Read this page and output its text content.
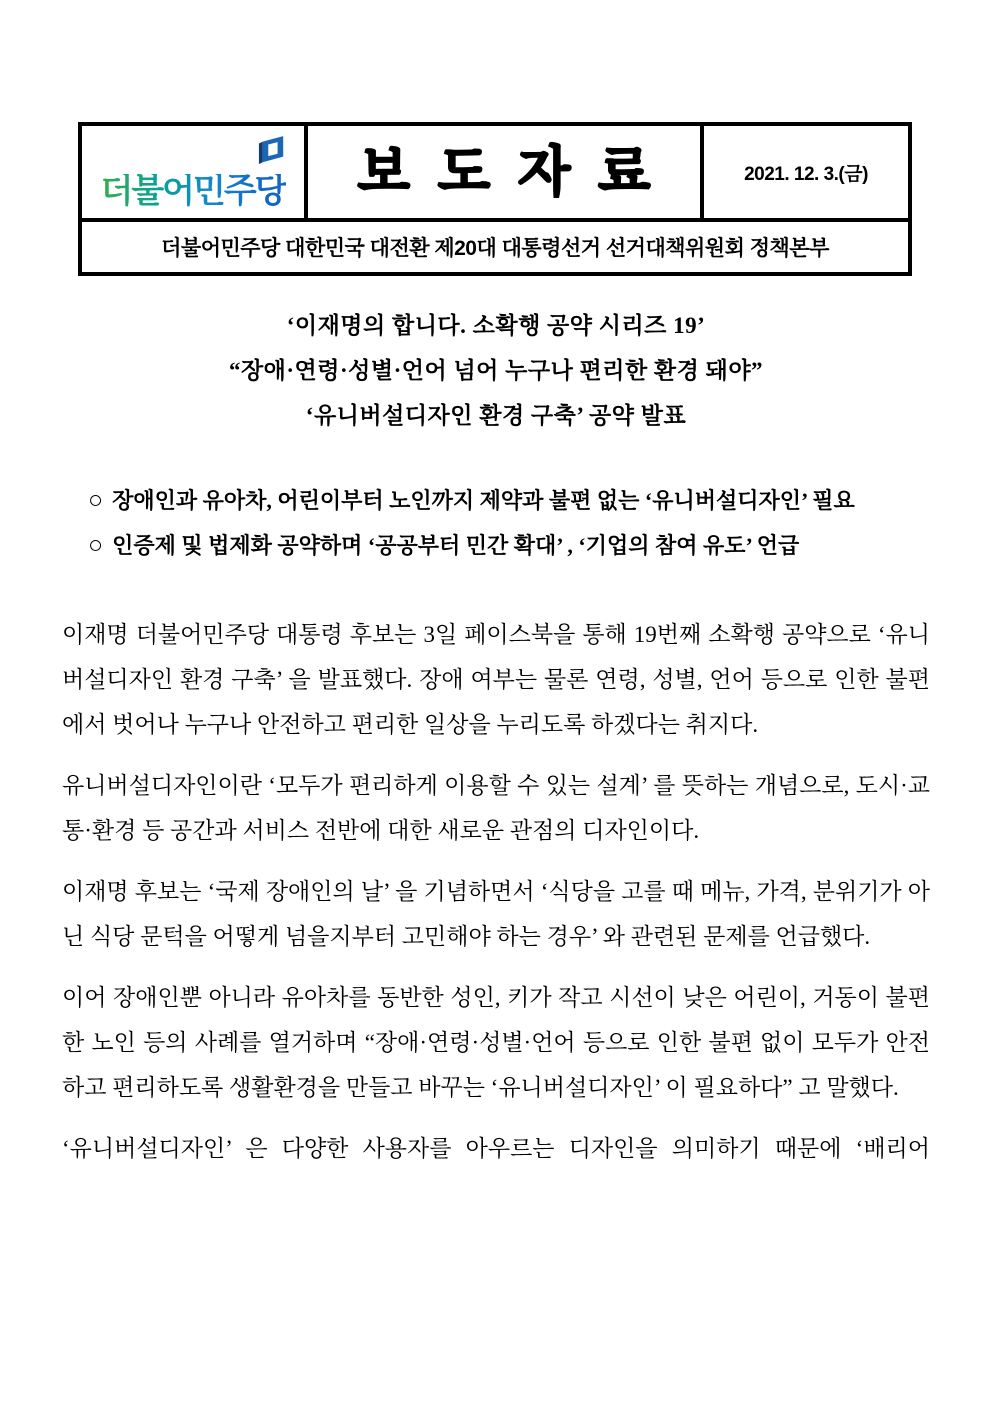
더불어민주당 보도자료	2021. 12. 3.(금)
더불어민주당 대한민국 대전환 제20대 대통령선거 선거대책위원회 정책본부
‘이재명의 합니다. 소확행 공약 시리즈 19’
“장애·연령·성별·언어 넘어 누구나 편리한 환경 돼야”
‘유니버설디자인 환경 구축’ 공약 발표
○ 장애인과 유아차, 어린이부터 노인까지 제약과 불편 없는 ‘유니버설디자인’ 필요
○ 인증제 및 법제화 공약하며 ‘공공부터 민간 확대’ , ‘기업의 참여 유도’ 언급

이재명 더불어민주당 대통령 후보는 3일 페이스북을 통해 19번째 소확행 공약으로 ‘유니버설디자인 환경 구축’ 을 발표했다. 장애 여부는 물론 연령, 성별, 언어 등으로 인한 불편에서 벗어나 누구나 안전하고 편리한 일상을 누리도록 하겠다는 취지다.

유니버설디자인이란 ‘모두가 편리하게 이용할 수 있는 설계’ 를 뜻하는 개념으로, 도시·교통·환경 등 공간과 서비스 전반에 대한 새로운 관점의 디자인이다.

이재명 후보는 ‘국제 장애인의 날’ 을 기념하면서 ‘식당을 고를 때 메뉴, 가격, 분위기가 아닌 식당 문턱을 어떻게 넘을지부터 고민해야 하는 경우’ 와 관련된 문제를 언급했다.

이어 장애인뿐 아니라 유아차를 동반한 성인, 키가 작고 시선이 낮은 어린이, 거동이 불편한 노인 등의 사례를 열거하며 “장애·연령·성별·언어 등으로 인한 불편 없이 모두가 안전하고 편리하도록 생활환경을 만들고 바꾸는 ‘유니버설디자인’ 이 필요하다” 고 말했다.

‘유니버설디자인’ 은 다양한 사용자를 아우르는 디자인을 의미하기 때문에 ‘배리어
